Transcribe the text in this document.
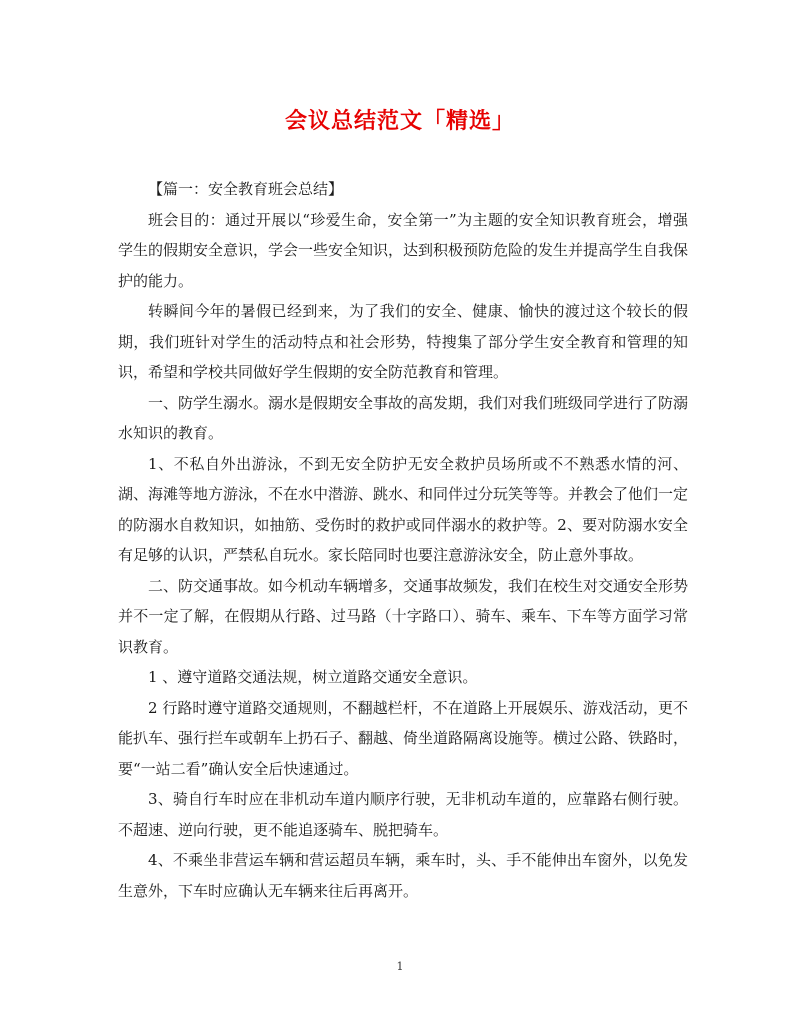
会议总结范文「精选」

【篇一：安全教育班会总结】

班会目的：通过开展以“珍爱生命，安全第一”为主题的安全知识教育班会，增强学生的假期安全意识，学会一些安全知识，达到积极预防危险的发生并提高学生自我保护的能力。

转瞬间今年的暑假已经到来，为了我们的安全、健康、愉快的渡过这个较长的假期，我们班针对学生的活动特点和社会形势，特搜集了部分学生安全教育和管理的知识，希望和学校共同做好学生假期的安全防范教育和管理。

一、防学生溺水。溺水是假期安全事故的高发期，我们对我们班级同学进行了防溺水知识的教育。

1、不私自外出游泳，不到无安全防护无安全救护员场所或不不熟悉水情的河、湖、海滩等地方游泳，不在水中潜游、跳水、和同伴过分玩笑等等。并教会了他们一定的防溺水自救知识，如抽筋、受伤时的救护或同伴溺水的救护等。2、要对防溺水安全有足够的认识，严禁私自玩水。家长陪同时也要注意游泳安全，防止意外事故。

二、防交通事故。如今机动车辆增多，交通事故频发，我们在校生对交通安全形势并不一定了解，在假期从行路、过马路（十字路口）、骑车、乘车、下车等方面学习常识教育。

1 、遵守道路交通法规，树立道路交通安全意识。

2 行路时遵守道路交通规则，不翻越栏杆，不在道路上开展娱乐、游戏活动，更不能扒车、强行拦车或朝车上扔石子、翻越、倚坐道路隔离设施等。横过公路、铁路时，要“一站二看”确认安全后快速通过。

3、骑自行车时应在非机动车道内顺序行驶，无非机动车道的，应靠路右侧行驶。不超速、逆向行驶，更不能追逐骑车、脱把骑车。

4、不乘坐非营运车辆和营运超员车辆，乘车时，头、手不能伸出车窗外，以免发生意外，下车时应确认无车辆来往后再离开。

1
